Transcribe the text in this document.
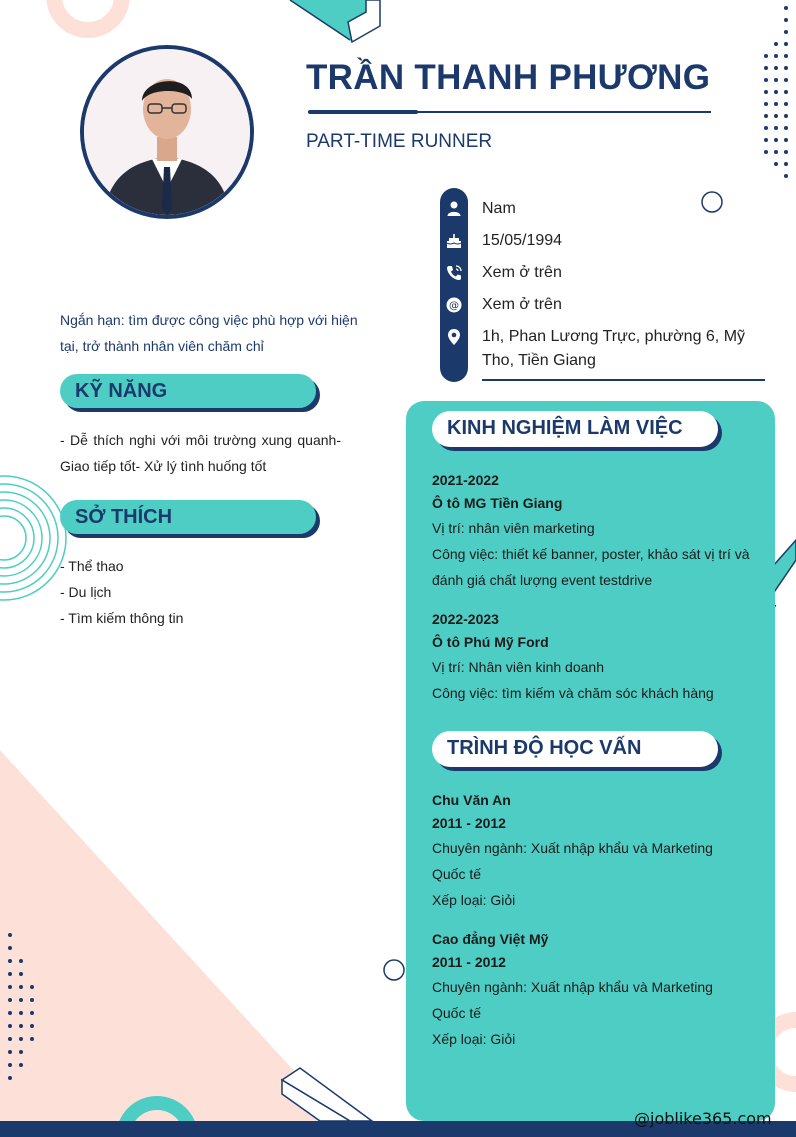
TRẦN THANH PHƯƠNG
PART-TIME RUNNER
@
Nam
15/05/1994
Xem ở trên
Xem ở trên
1h, Phan Lương Trực, phường 6, Mỹ Tho, Tiền Giang
Ngắn hạn: tìm được công việc phù hợp với hiện tại, trở thành nhân viên chăm chỉ
KỸ NĂNG
- Dễ thích nghi với môi trường xung quanh- Giao tiếp tốt- Xử lý tình huống tốt
SỞ THÍCH
- Thể thao
- Du lịch
- Tìm kiếm thông tin
KINH NGHIỆM LÀM VIỆC
2021-2022
Ô tô MG Tiền Giang
Vị trí: nhân viên marketing
Công việc: thiết kế banner, poster, khảo sát vị trí và đánh giá chất lượng event testdrive
2022-2023
Ô tô Phú Mỹ Ford
Vị trí: Nhân viên kinh doanh
Công việc: tìm kiếm và chăm sóc khách hàng
TRÌNH ĐỘ HỌC VẤN
Chu Văn An
2011 - 2012
Chuyên ngành: Xuất nhập khẩu và Marketing Quốc tế
Xếp loại: Giỏi
Cao đẳng Việt Mỹ
2011 - 2012
Chuyên ngành: Xuất nhập khẩu và Marketing Quốc tế
Xếp loại: Giỏi
@joblike365.com
